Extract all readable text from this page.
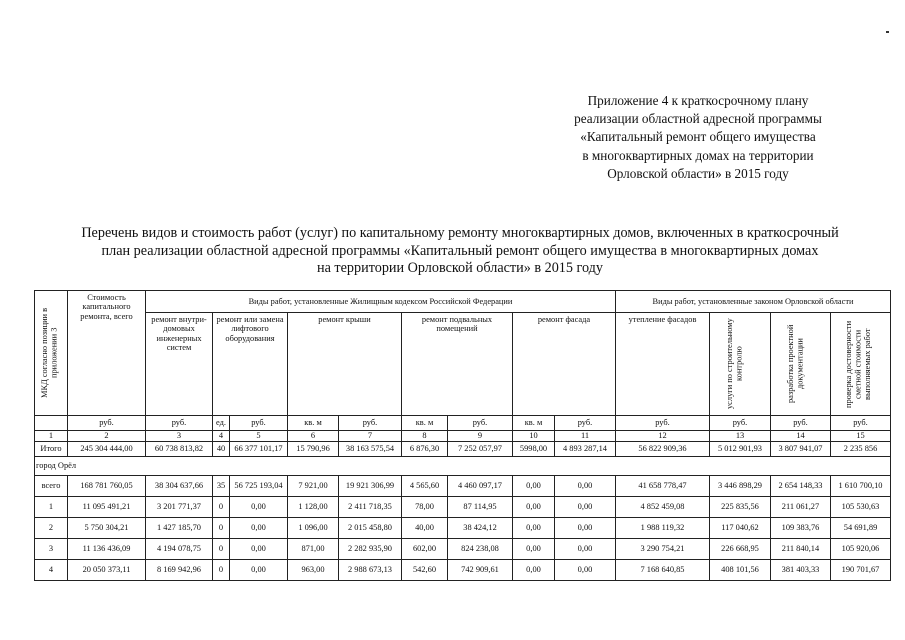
Приложение 4 к краткосрочному плану
реализации областной адресной программы
«Капитальный ремонт общего имущества
в многоквартирных домах на территории
Орловской области» в 2015 году
Перечень видов и стоимость работ (услуг) по капитальному ремонту многоквартирных домов, включенных в краткосрочный
план реализации областной адресной программы «Капитальный ремонт общего имущества в многоквартирных домах
на территории Орловской области» в 2015 году
МКД согласно позиции в приложении 3	Стоимость капитального ремонта, всего	Виды работ, установленные Жилищным кодексом Российской Федерации									Виды работ, установленные законом Орловской области			
		ремонт внутри-домовых инженерных систем	ремонт или замена лифтового оборудования		ремонт крыши		ремонт подвальных помещений		ремонт фасада		утепление фасадов	услуги по строительному контролю	разработка проектной документации	проверка достоверности сметной стоимости выполняемых работ

	руб.	руб.	ед.	руб.	кв. м	руб.	кв. м	руб.	кв. м	руб.	руб.	руб.	руб.	руб.
1	2	3	4	5	6	7	8	9	10	11	12	13	14	15
Итого	245 304 444,00	60 738 813,82	40	66 377 101,17	15 790,96	38 163 575,54	6 876,30	7 252 057,97	5998,00	4 893 287,14	56 822 909,36	5 012 901,93	3 807 941,07	2 235 856
город Орёл														
всего	168 781 760,05	38 304 637,66	35	56 725 193,04	7 921,00	19 921 306,99	4 565,60	4 460 097,17	0,00	0,00	41 658 778,47	3 446 898,29	2 654 148,33	1 610 700,10
1	11 095 491,21	3 201 771,37	0	0,00	1 128,00	2 411 718,35	78,00	87 114,95	0,00	0,00	4 852 459,08	225 835,56	211 061,27	105 530,63
2	5 750 304,21	1 427 185,70	0	0,00	1 096,00	2 015 458,80	40,00	38 424,12	0,00	0,00	1 988 119,32	117 040,62	109 383,76	54 691,89
3	11 136 436,09	4 194 078,75	0	0,00	871,00	2 282 935,90	602,00	824 238,08	0,00	0,00	3 290 754,21	226 668,95	211 840,14	105 920,06
4	20 050 373,11	8 169 942,96	0	0,00	963,00	2 988 673,13	542,60	742 909,61	0,00	0,00	7 168 640,85	408 101,56	381 403,33	190 701,67
